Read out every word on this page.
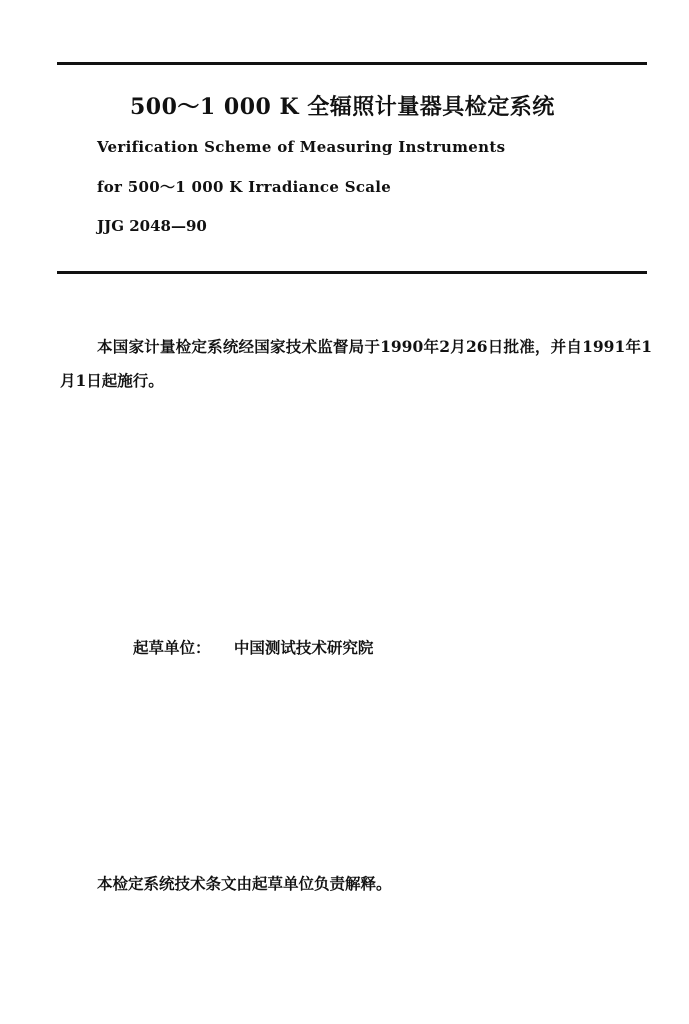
500～1 000 K 全辐照计量器具检定系统
Verification Scheme of Measuring Instruments
for 500～1 000 K Irradiance Scale
JJG 2048—90
本国家计量检定系统经国家技术监督局于1990年2月26日批准，并自1991年1月1日起施行。
起草单位： 中国测试技术研究院
本检定系统技术条文由起草单位负责解释。
